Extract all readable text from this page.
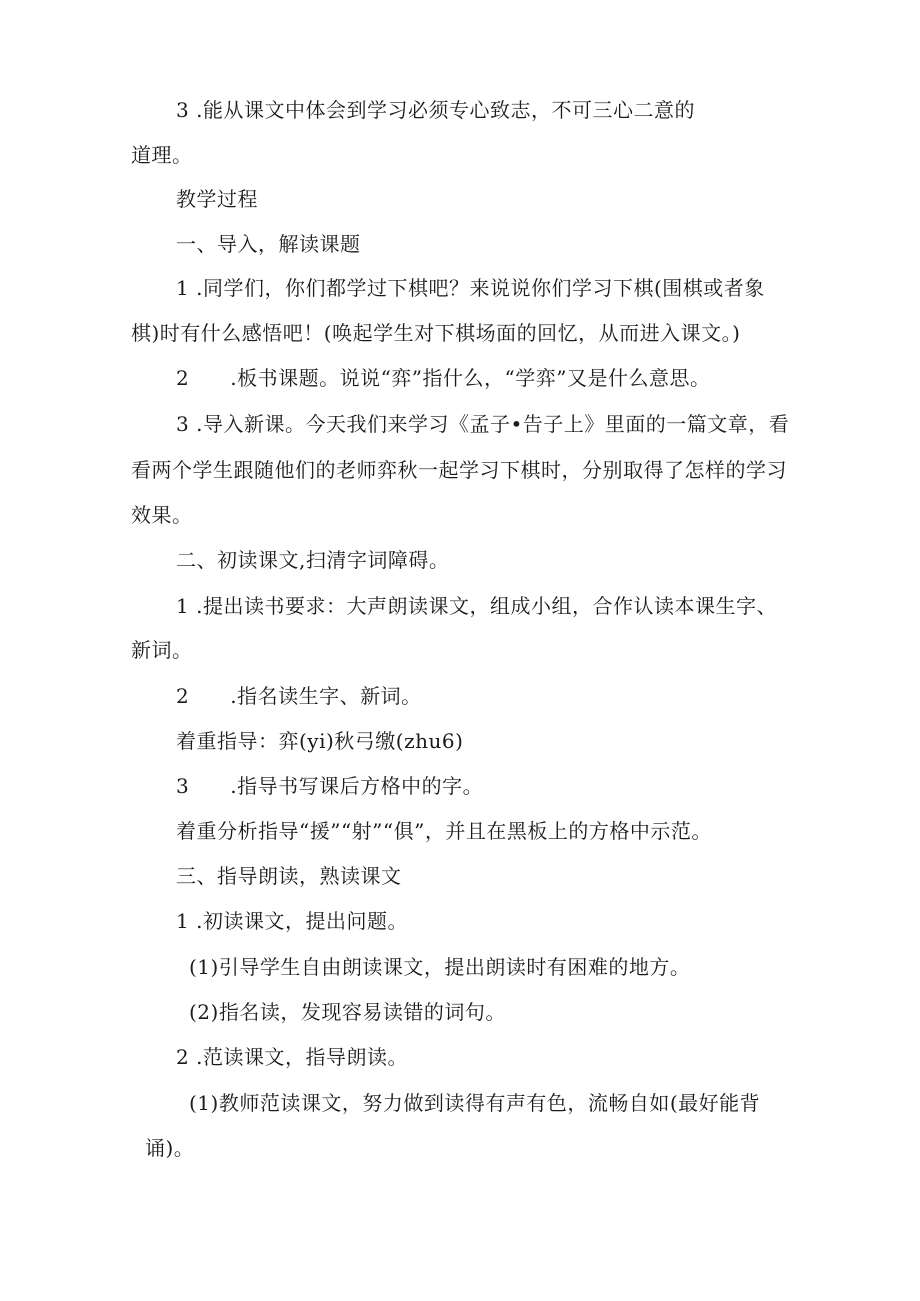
3 .能从课文中体会到学习必须专心致志，不可三心二意的
道理。
教学过程
一、导入，解读课题
1 .同学们，你们都学过下棋吧？来说说你们学习下棋(围棋或者象
棋)时有什么感悟吧！(唤起学生对下棋场面的回忆，从而进入课文。)
2　　.板书课题。说说“弈”指什么，“学弈”又是什么意思。
3 .导入新课。今天我们来学习《孟子•告子上》里面的一篇文章，看
看两个学生跟随他们的老师弈秋一起学习下棋时，分别取得了怎样的学习
效果。
二、初读课文,扫清字词障碍。
1 .提出读书要求：大声朗读课文，组成小组，合作认读本课生字、
新词。
2　　.指名读生字、新词。
着重指导：弈(yi)秋弓缴(zhu6)
3　　.指导书写课后方格中的字。
着重分析指导“援”“射”“俱”，并且在黑板上的方格中示范。
三、指导朗读，熟读课文
1 .初读课文，提出问题。
(1)引导学生自由朗读课文，提出朗读时有困难的地方。
(2)指名读，发现容易读错的词句。
2 .范读课文，指导朗读。
(1)教师范读课文，努力做到读得有声有色，流畅自如(最好能背
诵)。
